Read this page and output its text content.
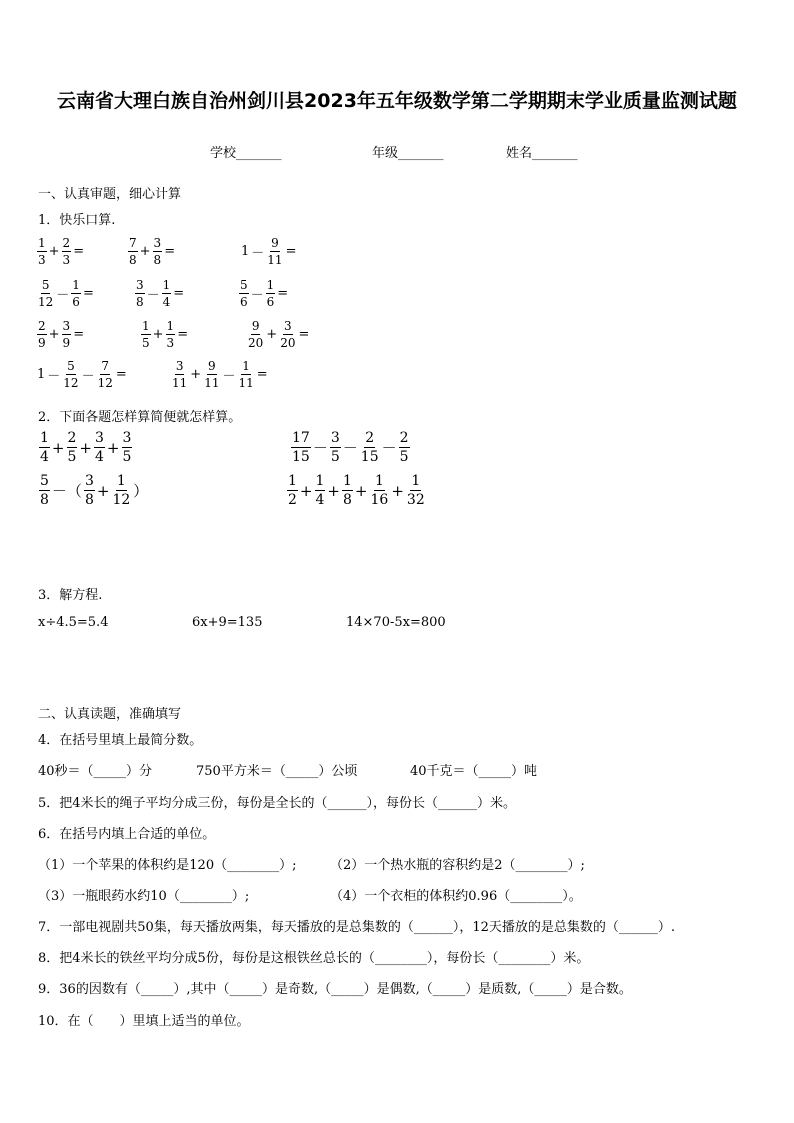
云南省大理白族自治州剑川县2023年五年级数学第二学期期末学业质量监测试题
学校_______	年级_______	姓名_______
一、认真审题，细心计算
1．快乐口算.
$\frac{1}{3} + \frac{2}{3}$ =	$\frac{7}{8} + \frac{3}{8}$ =	$1 - \frac{9}{11}$ =
$\frac{5}{12} - \frac{1}{6}$ =	$\frac{3}{8} - \frac{1}{4}$ =	$\frac{5}{6} - \frac{1}{6}$ =
$\frac{2}{9} + \frac{3}{9}$ =	$\frac{1}{5} + \frac{1}{3}$ =	$\frac{9}{20} + \frac{3}{20}$ =
$1 - \frac{5}{12} - \frac{7}{12}$ =	$\frac{3}{11} + \frac{9}{11} - \frac{1}{11}$ =
2．下面各题怎样算简便就怎样算。
$\frac{1}{4} + \frac{2}{5} + \frac{3}{4} + \frac{3}{5}$	$\frac{17}{15} - \frac{3}{5} - \frac{2}{15} - \frac{2}{5}$
$\frac{5}{8}$ －（ $\frac{3}{8} + \frac{1}{12}$ ）	$\frac{1}{2} + \frac{1}{4} + \frac{1}{8} + \frac{1}{16} + \frac{1}{32}$
3．解方程.
x÷4.5=5.4	6x+9=135	14×70-5x=800
二、认真读题，准确填写
4．在括号里填上最简分数。
40秒＝（_____）分	750平方米＝（_____）公顷	40千克＝（_____）吨
5．把4米长的绳子平均分成三份，每份是全长的（______），每份长（______）米。
6．在括号内填上合适的单位。
（1）一个苹果的体积约是120（________）;	（2）一个热水瓶的容积约是2（________）;
（3）一瓶眼药水约10（________）;	（4）一个衣柜的体积约0.96（________）。
7．一部电视剧共50集，每天播放两集，每天播放的是总集数的（______），12天播放的是总集数的（______）.
8．把4米长的铁丝平均分成5份，每份是这根铁丝总长的（________），每份长（________）米。
9．36的因数有（_____）,其中（_____）是奇数,（_____）是偶数,（_____）是质数,（_____）是合数。
10．在（　　）里填上适当的单位。
